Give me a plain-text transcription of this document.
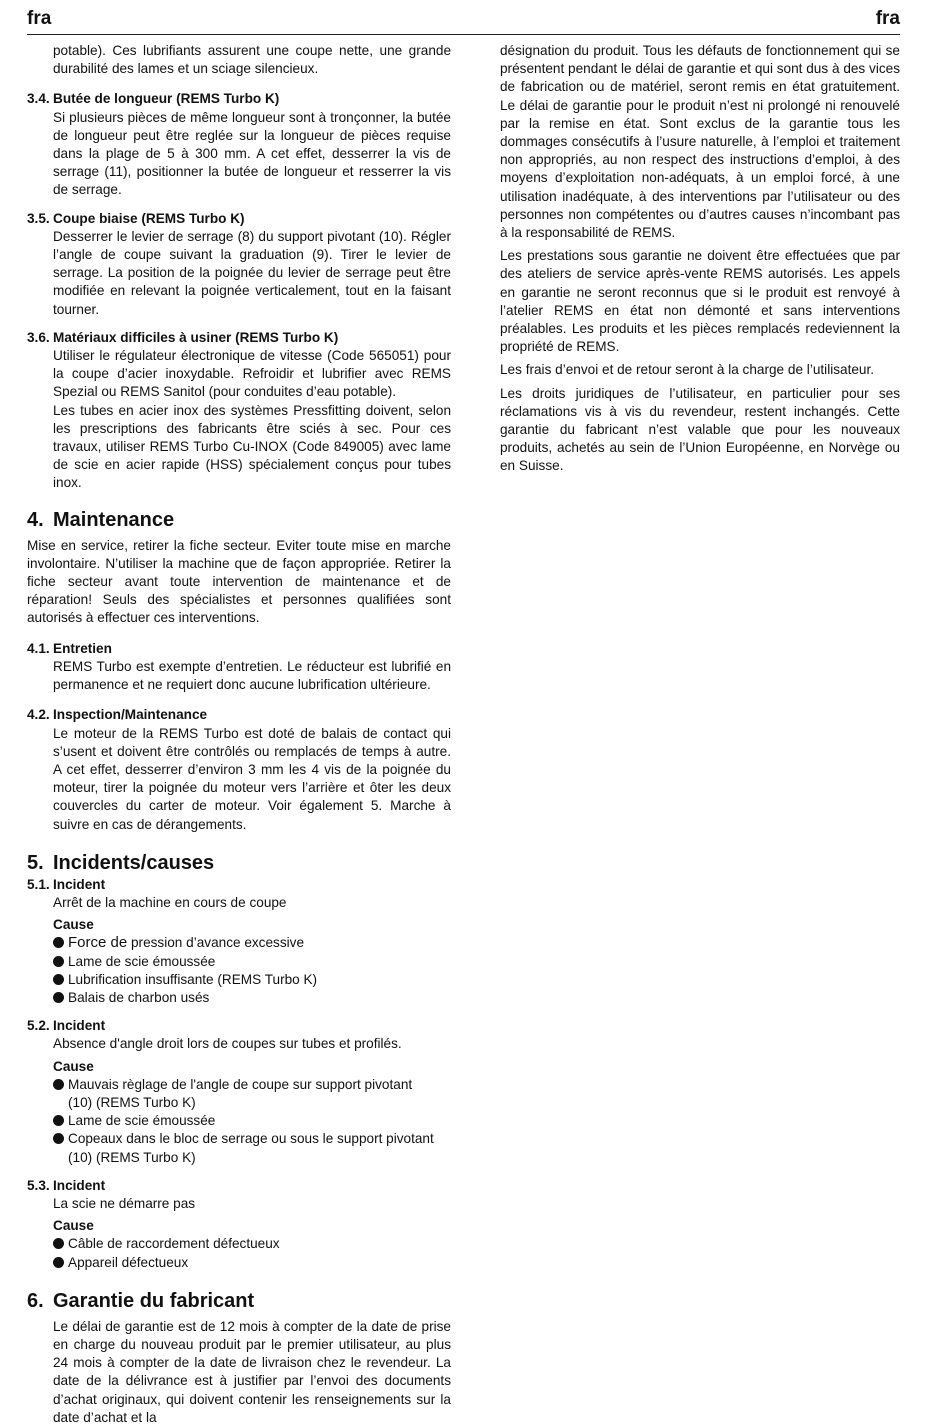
fra	fra

potable). Ces lubrifiants assurent une coupe nette, une grande durabilité des lames et un sciage silencieux.

3.4. Butée de longueur (REMS Turbo K)

Si plusieurs pièces de même longueur sont à tronçonner, la butée de longueur peut être reglée sur la longueur de pièces requise dans la plage de 5 à 300 mm. A cet effet, desserrer la vis de serrage (11), positionner la butée de longueur et resserrer la vis de serrage.

3.5. Coupe biaise (REMS Turbo K)

Desserrer le levier de serrage (8) du support pivotant (10). Régler l’angle de coupe suivant la graduation (9). Tirer le levier de serrage. La position de la poignée du levier de serrage peut être modifiée en relevant la poignée verticalement, tout en la faisant tourner.

3.6. Matériaux difficiles à usiner (REMS Turbo K)

Utiliser le régulateur électronique de vitesse (Code 565051) pour la coupe d’acier inoxydable. Refroidir et lubrifier avec REMS Spezial ou REMS Sanitol (pour conduites d’eau potable).

Les tubes en acier inox des systèmes Pressfitting doivent, selon les prescriptions des fabricants être sciés à sec. Pour ces travaux, utiliser REMS Turbo Cu-INOX (Code 849005) avec lame de scie en acier rapide (HSS) spécialement conçus pour tubes inox.

4. Maintenance

Mise en service, retirer la fiche secteur. Eviter toute mise en marche involontaire. N’utiliser la machine que de façon appropriée. Retirer la fiche secteur avant toute intervention de maintenance et de réparation! Seuls des spécialistes et personnes qualifiées sont autorisés à effectuer ces interventions.

4.1. Entretien

REMS Turbo est exempte d’entretien. Le réducteur est lubrifié en permanence et ne requiert donc aucune lubrification ultérieure.

4.2. Inspection/Maintenance

Le moteur de la REMS Turbo est doté de balais de contact qui s’usent et doivent être contrôlés ou remplacés de temps à autre. A cet effet, desserrer d’environ 3 mm les 4 vis de la poignée du moteur, tirer la poignée du moteur vers l’arrière et ôter les deux couvercles du carter de moteur. Voir également 5. Marche à suivre en cas de dérangements.

5. Incidents/causes
5.1. Incident

Arrêt de la machine en cours de coupe

Cause
Force de pression d’avance excessive
Lame de scie émoussée
Lubrification insuffisante (REMS Turbo K)
Balais de charbon usés
5.2. Incident

Absence d'angle droit lors de coupes sur tubes et profilés.

Cause
Mauvais règlage de l'angle de coupe sur support pivotant (10) (REMS Turbo K)
Lame de scie émoussée
Copeaux dans le bloc de serrage ou sous le support pivotant (10) (REMS Turbo K)
5.3. Incident

La scie ne démarre pas

Cause
Câble de raccordement défectueux
Appareil défectueux
6. Garantie du fabricant

Le délai de garantie est de 12 mois à compter de la date de prise en charge du nouveau produit par le premier utilisateur, au plus 24 mois à compter de la date de livraison chez le revendeur. La date de la délivrance est à justifier par l’envoi des documents d’achat originaux, qui doivent contenir les renseignements sur la date d’achat et la

désignation du produit. Tous les défauts de fonctionnement qui se présentent pendant le délai de garantie et qui sont dus à des vices de fabrication ou de matériel, seront remis en état gratuitement. Le délai de garantie pour le produit n’est ni prolongé ni renouvelé par la remise en état. Sont exclus de la garantie tous les dommages consécutifs à l’usure naturelle, à l’emploi et traitement non appropriés, au non respect des instructions d’emploi, à des moyens d’exploitation non-adéquats, à un emploi forcé, à une utilisation inadéquate, à des interventions par l’utilisateur ou des personnes non compétentes ou d’autres causes n’incombant pas à la responsabilité de REMS.

Les prestations sous garantie ne doivent être effectuées que par des ateliers de service après-vente REMS autorisés. Les appels en garantie ne seront reconnus que si le produit est renvoyé à l’atelier REMS en état non démonté et sans interventions préalables. Les produits et les pièces remplacés redeviennent la propriété de REMS.

Les frais d’envoi et de retour seront à la charge de l’utilisateur.

Les droits juridiques de l’utilisateur, en particulier pour ses réclamations vis à vis du revendeur, restent inchangés. Cette garantie du fabricant n’est valable que pour les nouveaux produits, achetés au sein de l’Union Européenne, en Norvège ou en Suisse.
